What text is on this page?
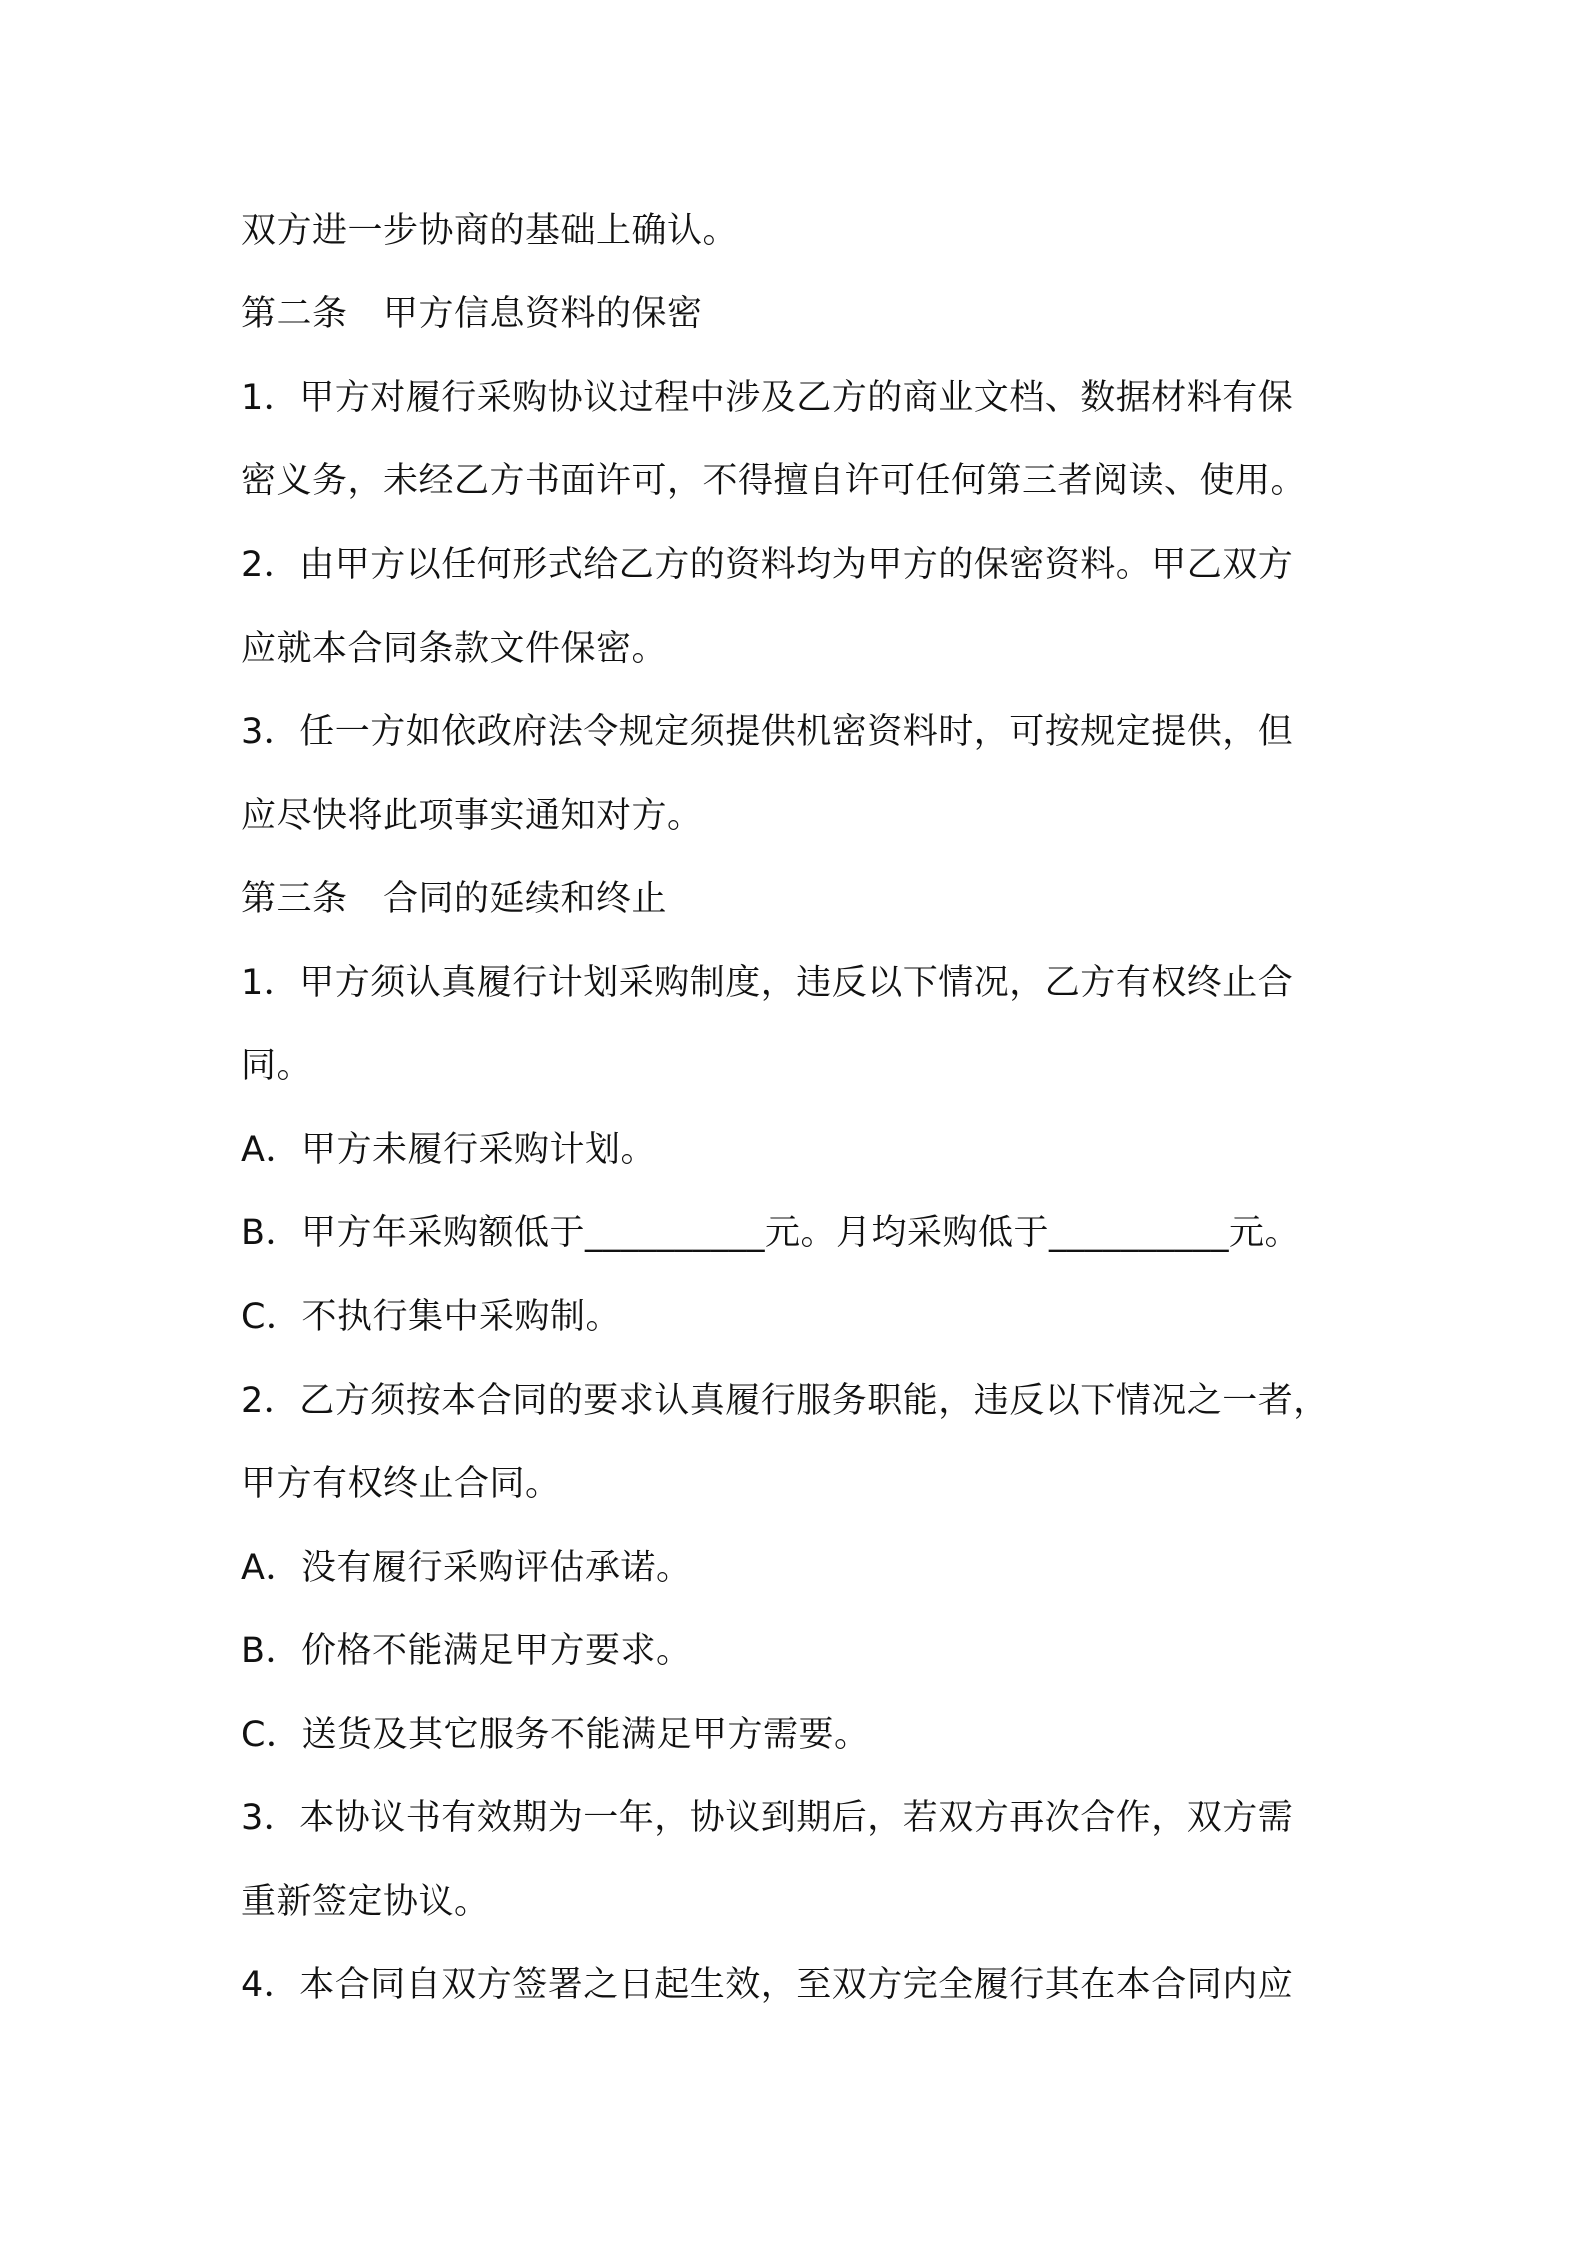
双方进一步协商的基础上确认。
第二条　甲方信息资料的保密
1．甲方对履行采购协议过程中涉及乙方的商业文档、数据材料有保
密义务，未经乙方书面许可，不得擅自许可任何第三者阅读、使用。
2．由甲方以任何形式给乙方的资料均为甲方的保密资料。甲乙双方
应就本合同条款文件保密。
3．任一方如依政府法令规定须提供机密资料时，可按规定提供，但
应尽快将此项事实通知对方。
第三条　合同的延续和终止
1．甲方须认真履行计划采购制度，违反以下情况，乙方有权终止合
同。
A．甲方未履行采购计划。
B．甲方年采购额低于__________元。月均采购低于__________元。
C．不执行集中采购制。
2．乙方须按本合同的要求认真履行服务职能，违反以下情况之一者，
甲方有权终止合同。
A．没有履行采购评估承诺。
B．价格不能满足甲方要求。
C．送货及其它服务不能满足甲方需要。
3．本协议书有效期为一年，协议到期后，若双方再次合作，双方需
重新签定协议。
4．本合同自双方签署之日起生效，至双方完全履行其在本合同内应
